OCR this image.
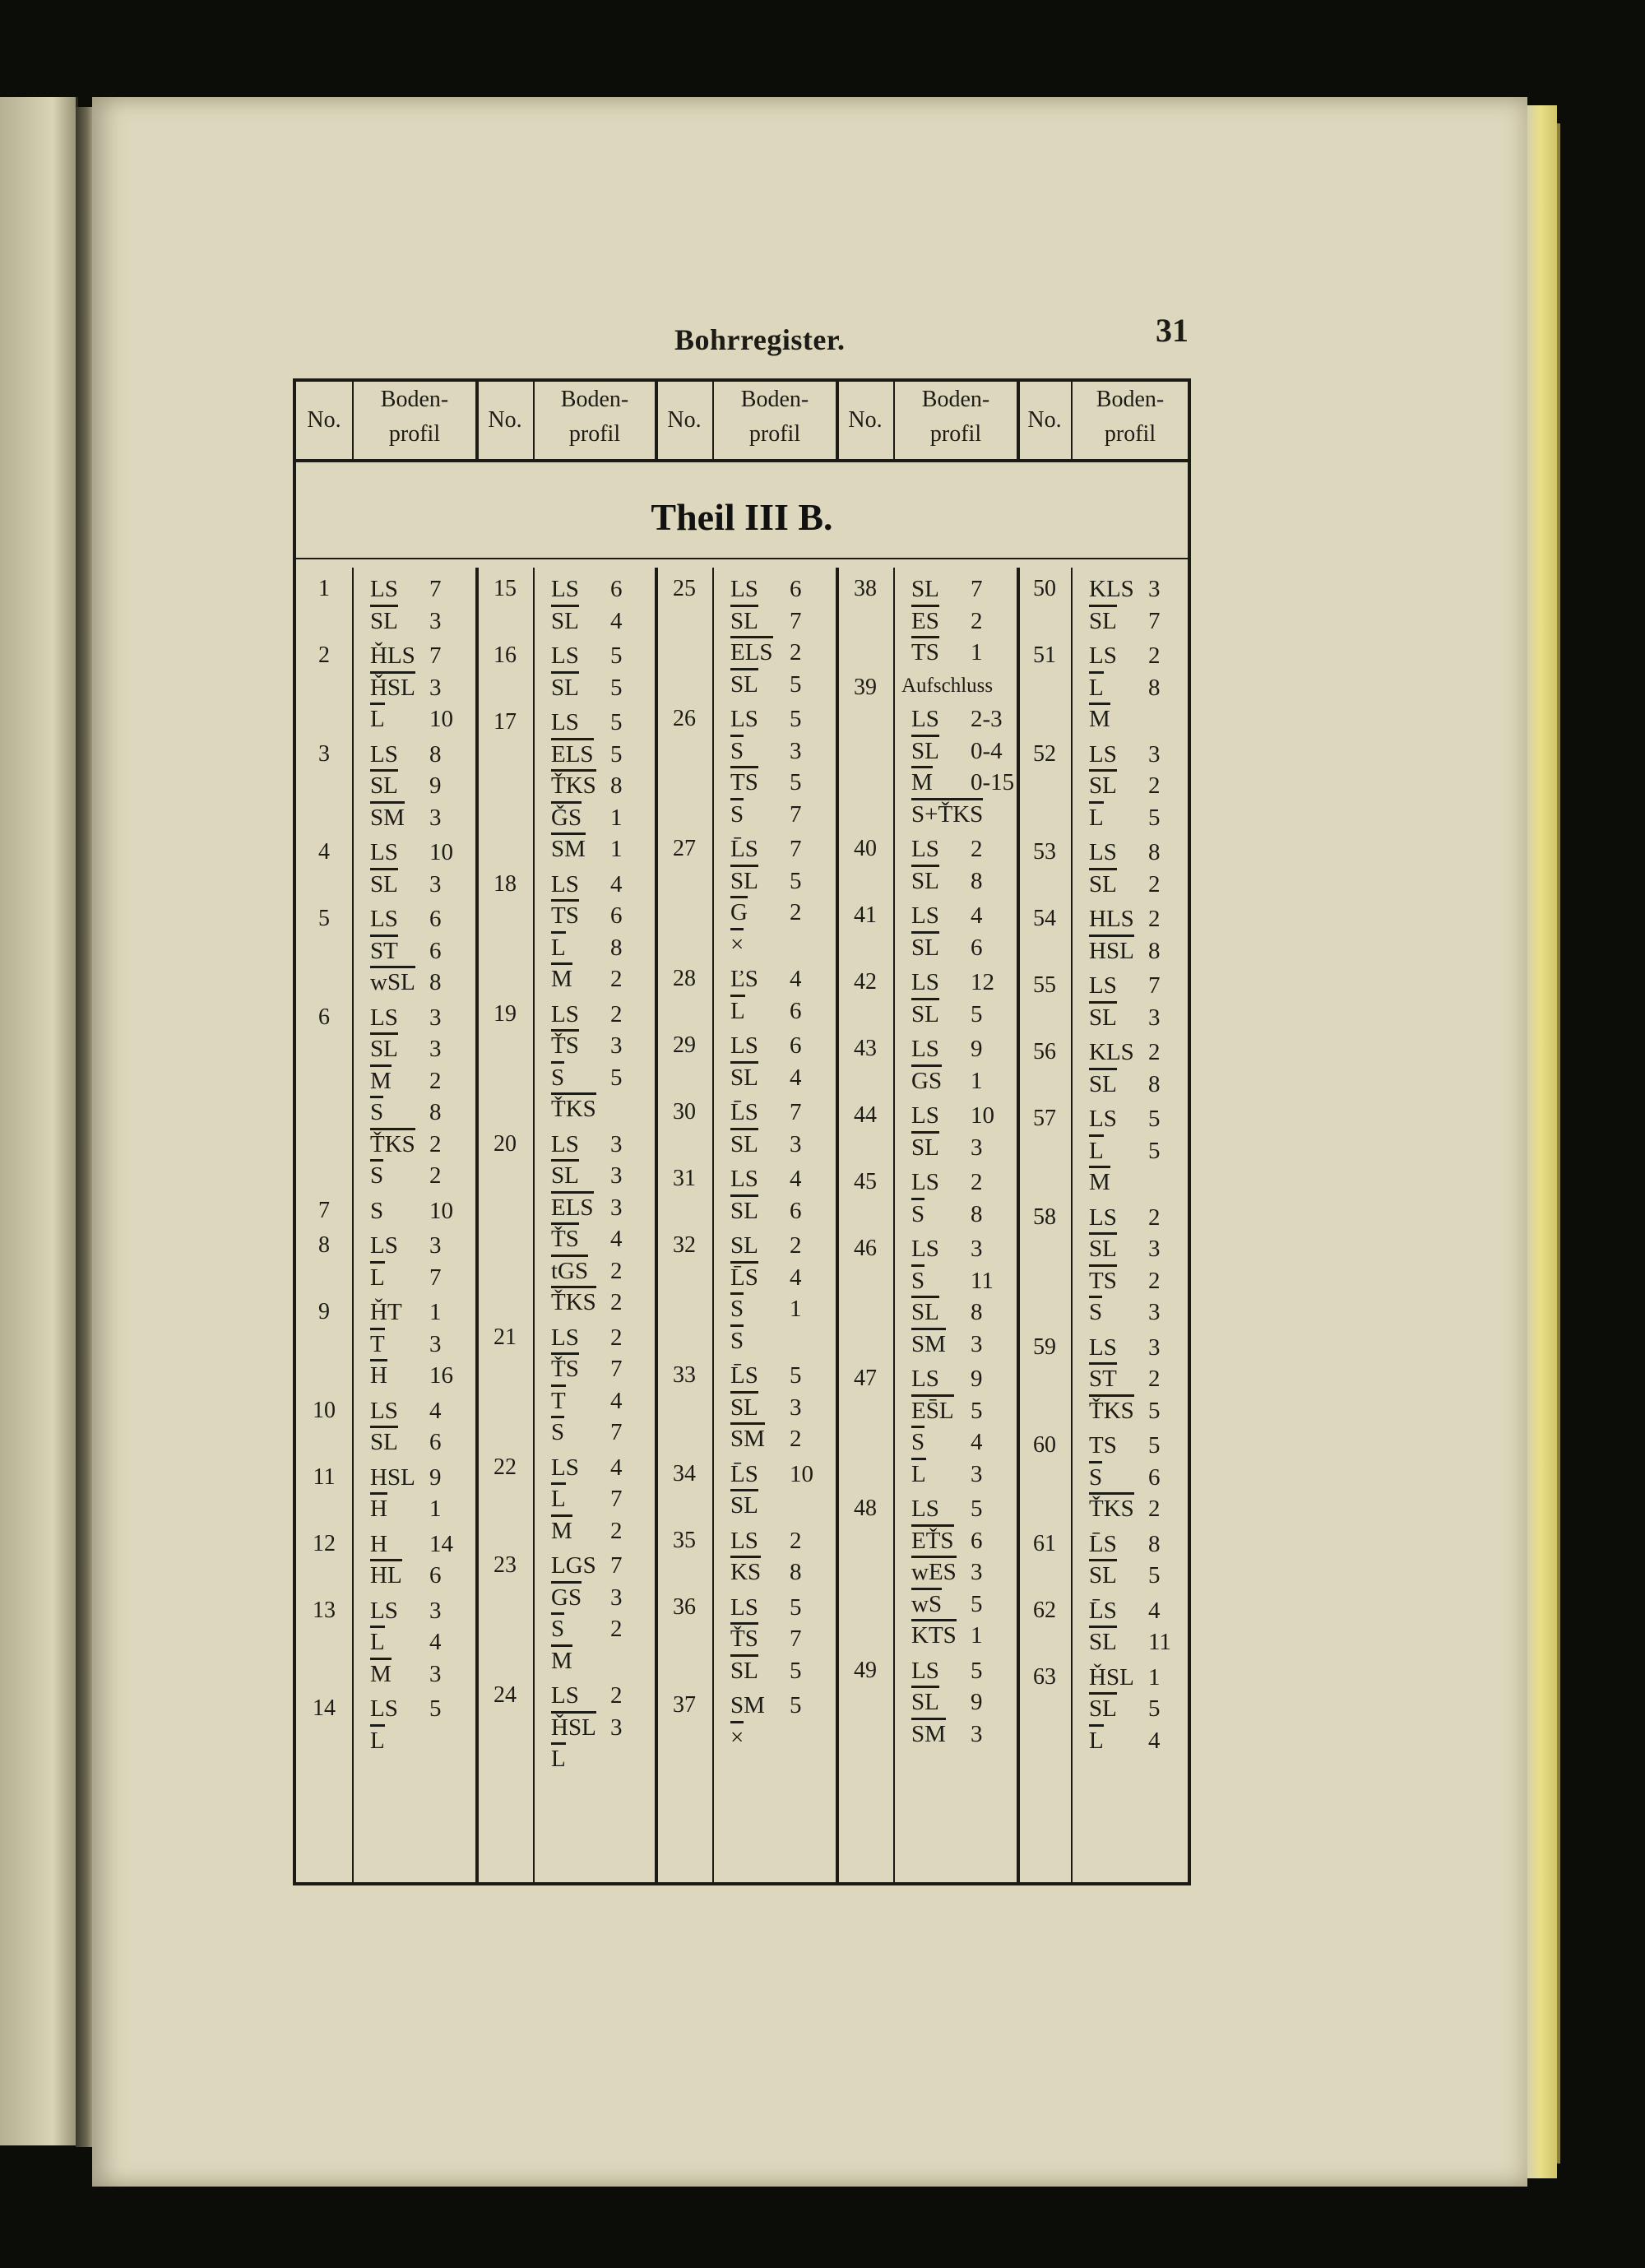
Bohrregister.	31
Theil III B.
No.
Boden-
profil
No.
Boden-
profil
No.
Boden-
profil
No.
Boden-
profil
No.
Boden-
profil
1	LS 7
SL 3
2	ȞLS 7
ȞSL 3
L 10
3	LS 8
SL 9
SM 3
4	LS 10
SL 3
5	LS 6
ST 6
wSL 8
6	LS 3
SL 3
M 2
S 8
ŤKS 2
S 2
7	S 10
8	LS 3
L 7
9	ȞT 1
T 3
H 16
10	LS 4
SL 6
11	HSL 9
H 1
12	H 14
HL 6
13	LS 3
L 4
M 3
14	LS 5
L
15	LS 6
SL 4
16	LS 5
SL 5
17	LS 5
ELS 5
ŤKS 8
ǦS 1
SM 1
18	LS 4
TS 6
L 8
M 2
19	LS 2
ŤS 3
S 5
ŤKS
20	LS 3
SL 3
ELS 3
ŤS 4
tGS 2
ŤKS 2
21	LS 2
ŤS 7
T 4
S 7
22	LS 4
L 7
M 2
23	LGS 7
GS 3
S 2
M
24	LS 2
ȞSL 3
L
25	LS 6
SL 7
ELS 2
SL 5
26	LS 5
S 3
TS 5
S 7
27	L̄S 7
SL 5
G 2
×
28	ĽS 4
L 6
29	LS 6
SL 4
30	L̄S 7
SL 3
31	LS 4
SL 6
32	SL 2
L̄S 4
S 1
S
33	L̄S 5
SL 3
SM 2
34	L̄S 10
SL
35	LS 2
KS 8
36	LS 5
ŤS 7
SL 5
37	SM 5
×
38	SL 7
ES 2
TS 1
39	Aufschluss
LS 2-3
SL 0-4
M 0-15
S+ŤKS
40	LS 2
SL 8
41	LS 4
SL 6
42	LS 12
SL 5
43	LS 9
GS 1
44	LS 10
SL 3
45	LS 2
S 8
46	LS 3
S 11
SL 8
SM 3
47	LS 9
ES̄L 5
S 4
L 3
48	LS 5
EŤS 6
wES 3
wS 5
KTS 1
49	LS 5
SL 9
SM 3
50	KLS 3
SL 7
51	LS 2
L 8
M
52	LS 3
SL 2
L 5
53	LS 8
SL 2
54	HLS 2
HSL 8
55	LS 7
SL 3
56	KLS 2
SL 8
57	LS 5
L 5
M
58	LS 2
SL 3
TS 2
S 3
59	LS 3
ST 2
ŤKS 5
60	TS 5
S 6
ŤKS 2
61	L̄S 8
SL 5
62	L̄S 4
SL 11
63	ȞSL 1
SL 5
L 4
